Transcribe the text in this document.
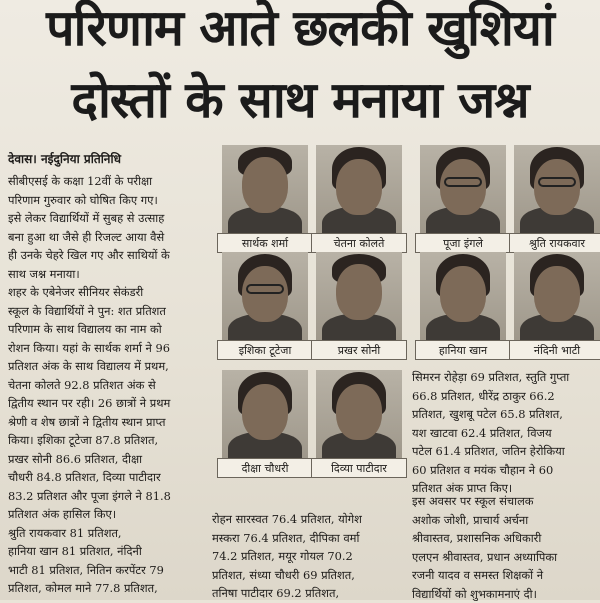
परिणाम आते छलकी खुशियां
दोस्तों के साथ मनाया जश्न
देवास। नईदुनिया प्रतिनिधि
सीबीएसई के कक्षा 12वीं के परीक्षा
परिणाम गुरुवार को घोषित किए गए।
इसे लेकर विद्यार्थियों में सुबह से उत्साह
बना हुआ था जैसे ही रिजल्ट आया वैसे
ही उनके चेहरे खिल गए और साथियों के
साथ जश्न मनाया।
शहर के एबेनेजर सीनियर सेकंडरी
स्कूल के विद्यार्थियों ने पुन: शत प्रतिशत
परिणाम के साथ विद्यालय का नाम को
रोशन किया। यहां के सार्थक शर्मा ने 96
प्रतिशत अंक के साथ विद्यालय में प्रथम,
चेतना कोलते 92.8 प्रतिशत अंक से
द्वितीय स्थान पर रही। 26 छात्रों ने प्रथम
श्रेणी व शेष छात्रों ने द्वितीय स्थान प्राप्त
किया। इशिका टूटेजा 87.8 प्रतिशत,
प्रखर सोनी 86.6 प्रतिशत, दीक्षा
चौधरी 84.8 प्रतिशत, दिव्या पाटीदार
83.2 प्रतिशत और पूजा इंगले ने 81.8
प्रतिशत अंक हासिल किए।
श्रुति रायकवार 81 प्रतिशत,
हानिया खान 81 प्रतिशत, नंदिनी
भाटी 81 प्रतिशत, नितिन करपेंटर 79
प्रतिशत, कोमल माने 77.8 प्रतिशत,
रोहन सारस्वत 76.4 प्रतिशत, योगेश
मस्करा 76.4 प्रतिशत, दीपिका वर्मा
74.2 प्रतिशत, मयूर गोयल 70.2
प्रतिशत, संध्या चौधरी 69 प्रतिशत,
तनिषा पाटीदार 69.2 प्रतिशत,
सिमरन रोहेड़ा 69 प्रतिशत, स्तुति गुप्ता
66.8 प्रतिशत, धीरेंद्र ठाकुर 66.2
प्रतिशत, खुशबू पटेल 65.8 प्रतिशत,
यश खाटवा 62.4 प्रतिशत, विजय
पटेल 61.4 प्रतिशत, जतिन हेरोकिया
60 प्रतिशत व मयंक चौहान ने 60
प्रतिशत अंक प्राप्त किए।
इस अवसर पर स्कूल संचालक
अशोक जोशी, प्राचार्य अर्चना
श्रीवास्तव, प्रशासनिक अधिकारी
एलएन श्रीवास्तव, प्रधान अध्यापिका
रजनी यादव व समस्त शिक्षकों ने
विद्यार्थियों को शुभकामनाएं दी।
सार्थक शर्मा	चेतना कोलते	पूजा इंगले	श्रुति रायकवार
इशिका टूटेजा	प्रखर सोनी	हानिया खान	नंदिनी भाटी
दीक्षा चौधरी	दिव्या पाटीदार
